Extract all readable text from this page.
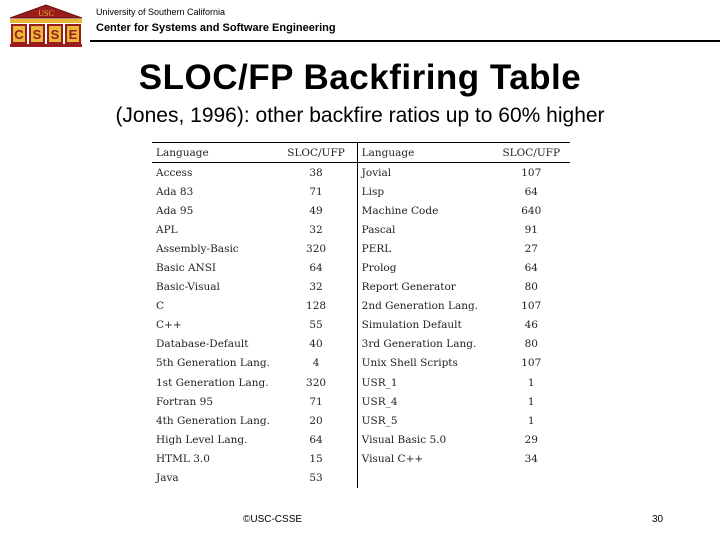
USC
C S S E
University of Southern California
Center for Systems and Software Engineering
SLOC/FP Backfiring Table
(Jones, 1996): other backfire ratios up to 60% higher
Language	SLOC/UFP	Language	SLOC/UFP
Access	38	Jovial	107
Ada 83	71	Lisp	64
Ada 95	49	Machine Code	640
APL	32	Pascal	91
Assembly-Basic	320	PERL	27
Basic ANSI	64	Prolog	64
Basic-Visual	32	Report Generator	80
C	128	2nd Generation Lang.	107
C++	55	Simulation Default	46
Database-Default	40	3rd Generation Lang.	80
5th Generation Lang.	4	Unix Shell Scripts	107
1st Generation Lang.	320	USR_1	1
Fortran 95	71	USR_4	1
4th Generation Lang.	20	USR_5	1
High Level Lang.	64	Visual Basic 5.0	29
HTML 3.0	15	Visual C++	34
Java	53		
©USC-CSSE	30
